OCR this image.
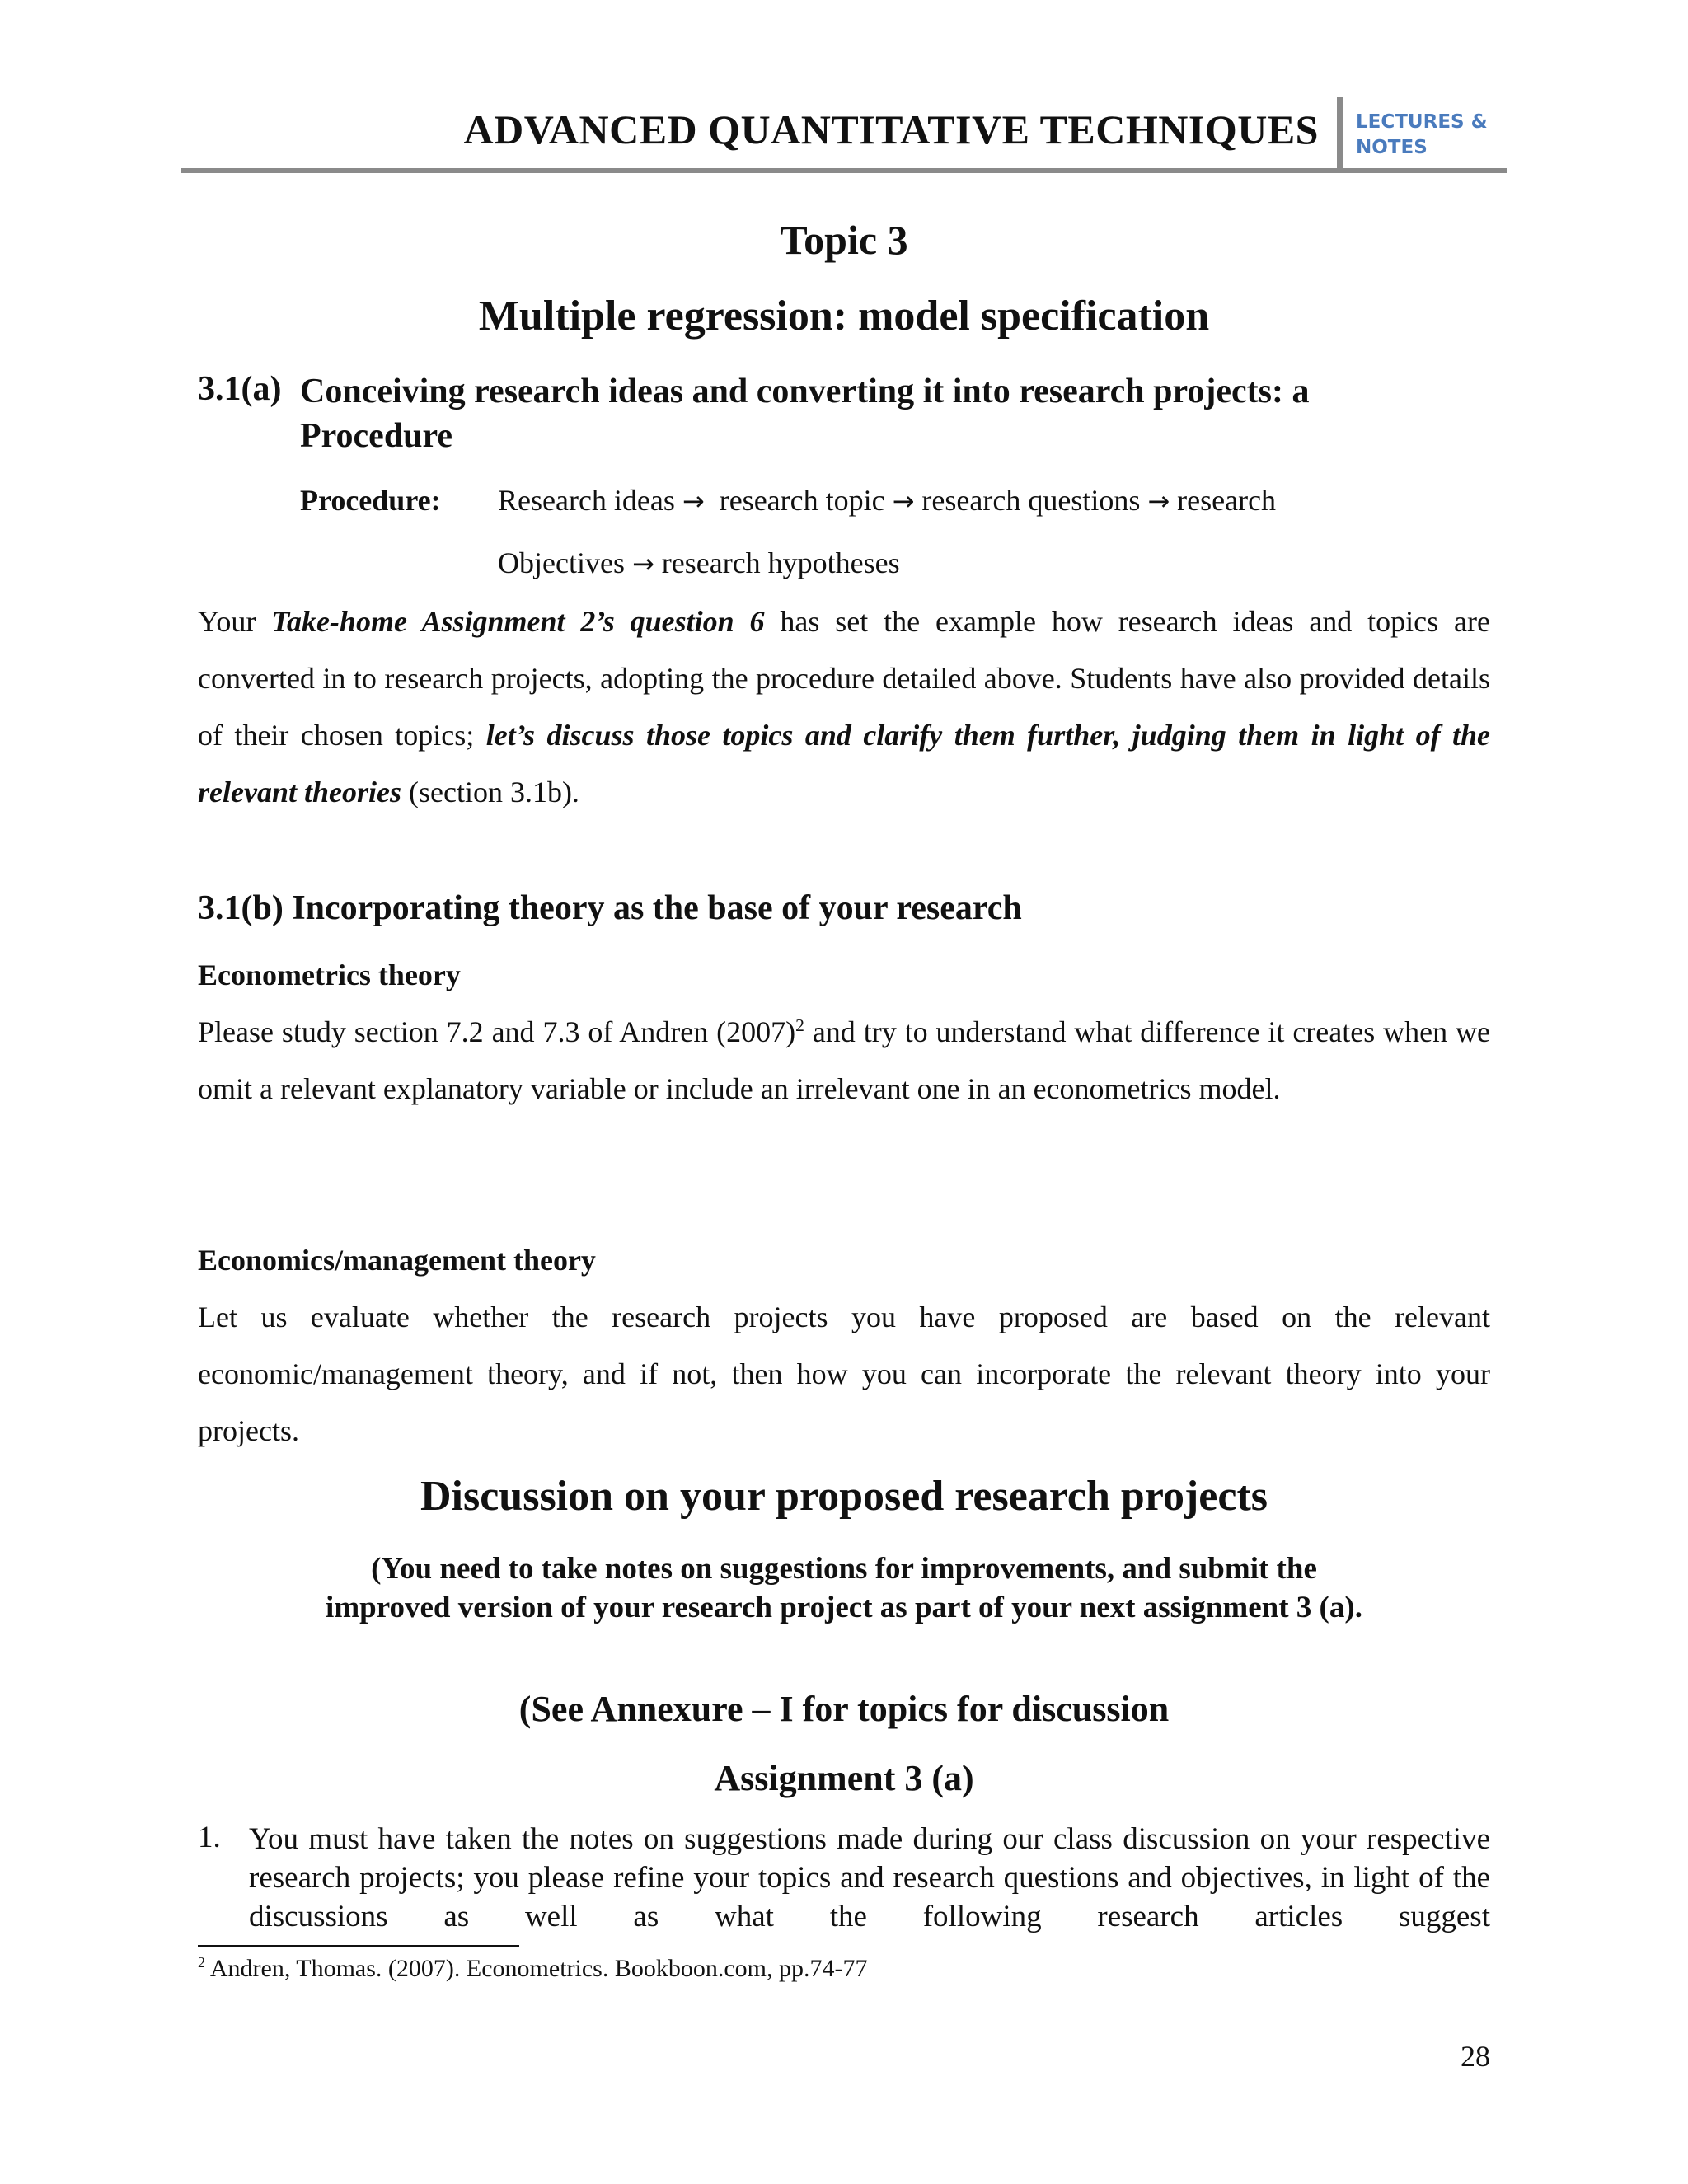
ADVANCED QUANTITATIVE TECHNIQUES LECTURES &
NOTES
Topic 3
Multiple regression: model specification
3.1(a) Conceiving research ideas and converting it into research projects: a
Procedure
Procedure: Research ideas → research topic → research questions → research
Objectives → research hypotheses
Your Take-home Assignment 2’s question 6 has set the example how research ideas and topics are converted in to research projects, adopting the procedure detailed above. Students have also provided details of their chosen topics; let’s discuss those topics and clarify them further, judging them in light of the relevant theories (section 3.1b).
3.1(b) Incorporating theory as the base of your research
Econometrics theory
Please study section 7.2 and 7.3 of Andren $(2007)^2$ and try to understand what difference it creates when we omit a relevant explanatory variable or include an irrelevant one in an econometrics model.
Economics/management theory
Let us evaluate whether the research projects you have proposed are based on the relevant economic/management theory, and if not, then how you can incorporate the relevant theory into your projects.
Discussion on your proposed research projects
(You need to take notes on suggestions for improvements, and submit the
improved version of your research project as part of your next assignment 3 (a).
(See Annexure – I for topics for discussion
Assignment 3 (a)
1. You must have taken the notes on suggestions made during our class discussion on your respective research projects; you please refine your topics and research questions and objectives, in light of the discussions as well as what the following research articles suggest
$^2$ Andren, Thomas. (2007). Econometrics. Bookboon.com, pp.74-77
28
